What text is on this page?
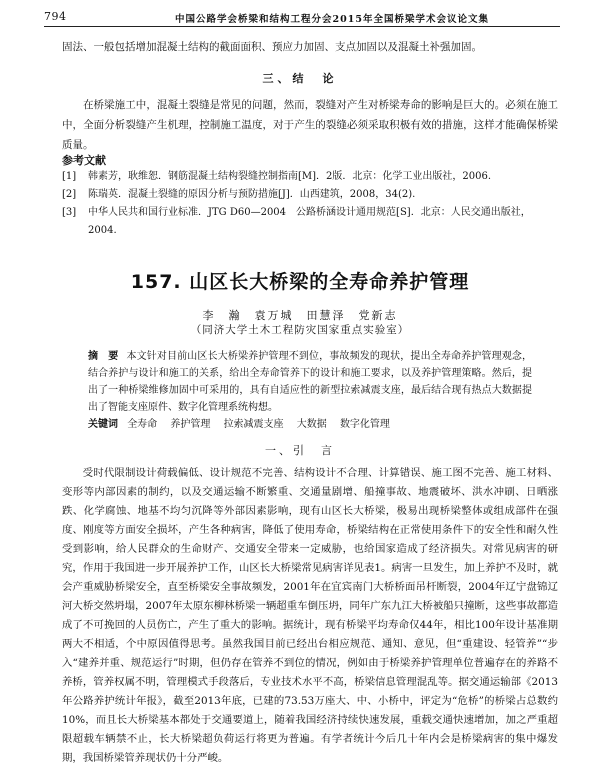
794	中国公路学会桥梁和结构工程分会2015年全国桥梁学术会议论文集
固法、一般包括增加混凝土结构的截面面积、预应力加固、支点加固以及混凝土补强加固。
三、结　论
在桥梁施工中，混凝土裂缝是常见的问题，然而，裂缝对产生对桥梁寿命的影响是巨大的。必须在施工中，全面分析裂缝产生机理，控制施工温度，对于产生的裂缝必须采取积极有效的措施，这样才能确保桥梁质量。
参考文献
[1]	韩素芳，耿维恕．钢筋混凝土结构裂缝控制指南[M]．2版．北京：化学工业出版社，2006.
[2]	陈瑞英．混凝土裂缝的原因分析与预防措施[J]．山西建筑，2008，34(2).
[3]	中华人民共和国行业标准．JTG D60—2004　公路桥涵设计通用规范[S]．北京：人民交通出版社，2004.
157. 山区长大桥梁的全寿命养护管理
李　瀚　袁万城　田慧泽　党新志
（同济大学土木工程防灾国家重点实验室）
摘　要 本文针对目前山区长大桥梁养护管理不到位，事故频发的现状，提出全寿命养护管理观念，结合养护与设计和施工的关系，给出全寿命管养下的设计和施工要求，以及养护管理策略。然后，提出了一种桥梁维修加固中可采用的，具有自适应性的新型拉索减震支座，最后结合现有热点大数据提出了智能支座原件、数字化管理系统构想。
关键词 全寿命 养护管理 拉索减震支座 大数据 数字化管理
一、引　言
受时代限制设计荷载偏低、设计规范不完善、结构设计不合理、计算错误、施工图不完善、施工材料、变形等内部因素的制约，以及交通运输不断繁重、交通量剧增、船撞事故、地震破坏、洪水冲刷、日晒涨跌、化学腐蚀、地基不均匀沉降等外部因素影响，现有山区长大桥梁，极易出现桥梁整体或组成部件在强度、刚度等方面安全损坏，产生各种病害，降低了使用寿命，桥梁结构在正常使用条件下的安全性和耐久性受到影响，给人民群众的生命财产、交通安全带来一定威胁，也给国家造成了经济损失。对常见病害的研究，作用于我国进一步开展养护工作，山区长大桥梁常见病害详见表1。病害一旦发生，加上养护不及时，就会产重威胁桥梁安全，直至桥梁安全事故频发，2001年在宜宾南门大桥桥面吊杆断裂，2004年辽宁盘锦辽河大桥交然坍塌，2007年太原东柳林桥梁一辆超重车倒压坍，同年广东九江大桥被船只撞断，这些事故都造成了不可挽回的人员伤亡，产生了重大的影响。据统计，现有桥梁平均寿命仅44年，相比100年设计基准期两大不相适，个中原因值得思考。虽然我国目前已经出台相应规范、通知、意见，但“重建设、轻管养”“步入“建养并重、规范运行”时期，但仍存在管养不到位的情况，例如由于桥梁养护管理单位普遍存在的养路不养桥，管养权属不明，管理模式手段落后，专业技术水平不高，桥梁信息管理混乱等。据交通运输部《2013年公路养护统计年报》，截至2013年底，已建的73.53万座大、中、小桥中，评定为“危桥”的桥梁占总数约10%，而且长大桥梁基本都处于交通要道上，随着我国经济持续快速发展，重载交通快速增加，加之严重超限超载车辆禁不止，长大桥梁超负荷运行将更为普遍。有学者统计今后几十年内会是桥梁病害的集中爆发期，我国桥梁管养现状仍十分严峻。
